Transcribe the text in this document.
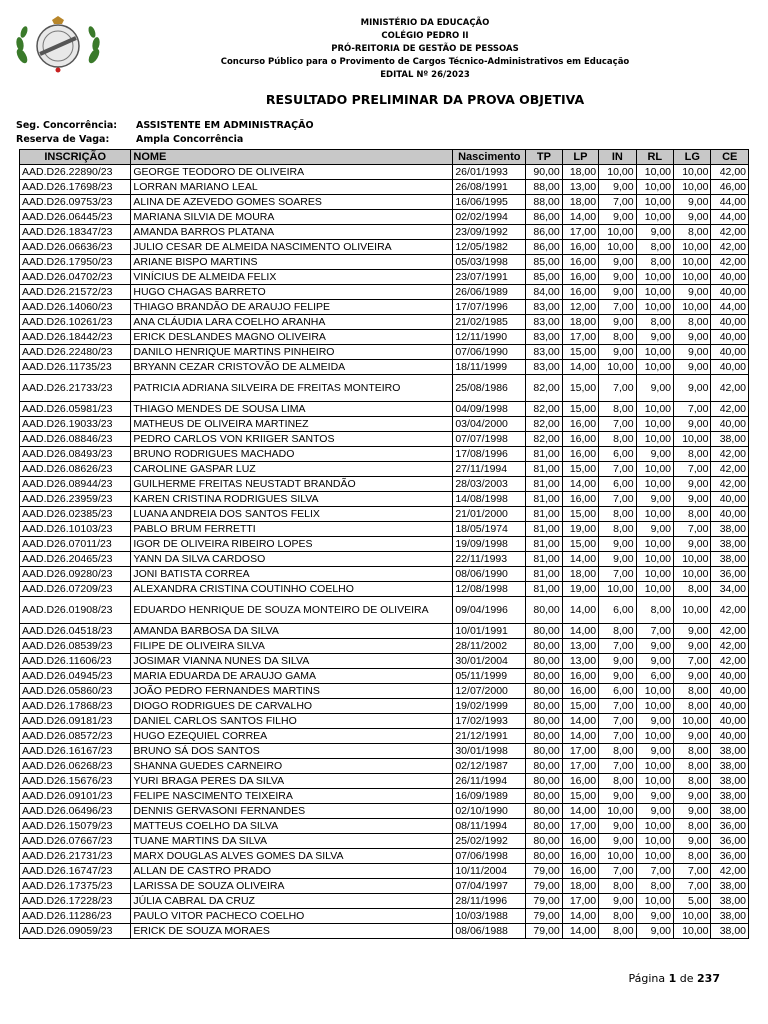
MINISTÉRIO DA EDUCAÇÃO
COLÉGIO PEDRO II
PRÓ-REITORIA DE GESTÃO DE PESSOAS
Concurso Público para o Provimento de Cargos Técnico-Administrativos em Educação
EDITAL Nº 26/2023
RESULTADO PRELIMINAR DA PROVA OBJETIVA
Seg. Concorrência:	ASSISTENTE EM ADMINISTRAÇÃO
Reserva de Vaga:	Ampla Concorrência
INSCRIÇÃO	NOME	Nascimento	TP	LP	IN	RL	LG	CE
AAD.D26.22890/23	GEORGE TEODORO DE OLIVEIRA	26/01/1993	90,00	18,00	10,00	10,00	10,00	42,00
AAD.D26.17698/23	LORRAN MARIANO LEAL	26/08/1991	88,00	13,00	9,00	10,00	10,00	46,00
AAD.D26.09753/23	ALINA DE AZEVEDO GOMES SOARES	16/06/1995	88,00	18,00	7,00	10,00	9,00	44,00
AAD.D26.06445/23	MARIANA SILVIA DE MOURA	02/02/1994	86,00	14,00	9,00	10,00	9,00	44,00
AAD.D26.18347/23	AMANDA BARROS PLATANA	23/09/1992	86,00	17,00	10,00	9,00	8,00	42,00
AAD.D26.06636/23	JULIO CESAR DE ALMEIDA NASCIMENTO OLIVEIRA	12/05/1982	86,00	16,00	10,00	8,00	10,00	42,00
AAD.D26.17950/23	ARIANE BISPO MARTINS	05/03/1998	85,00	16,00	9,00	8,00	10,00	42,00
AAD.D26.04702/23	VINÍCIUS DE ALMEIDA FELIX	23/07/1991	85,00	16,00	9,00	10,00	10,00	40,00
AAD.D26.21572/23	HUGO CHAGAS BARRETO	26/06/1989	84,00	16,00	9,00	10,00	9,00	40,00
AAD.D26.14060/23	THIAGO BRANDÃO DE ARAUJO FELIPE	17/07/1996	83,00	12,00	7,00	10,00	10,00	44,00
AAD.D26.10261/23	ANA CLÁUDIA LARA COELHO ARANHA	21/02/1985	83,00	18,00	9,00	8,00	8,00	40,00
AAD.D26.18442/23	ERICK DESLANDES MAGNO OLIVEIRA	12/11/1990	83,00	17,00	8,00	9,00	9,00	40,00
AAD.D26.22480/23	DANILO HENRIQUE MARTINS PINHEIRO	07/06/1990	83,00	15,00	9,00	10,00	9,00	40,00
AAD.D26.11735/23	BRYANN CEZAR CRISTOVÃO DE ALMEIDA	18/11/1999	83,00	14,00	10,00	10,00	9,00	40,00
AAD.D26.21733/23	PATRICIA ADRIANA SILVEIRA DE FREITAS MONTEIRO	25/08/1986	82,00	15,00	7,00	9,00	9,00	42,00
AAD.D26.05981/23	THIAGO MENDES DE SOUSA LIMA	04/09/1998	82,00	15,00	8,00	10,00	7,00	42,00
AAD.D26.19033/23	MATHEUS DE OLIVEIRA MARTINEZ	03/04/2000	82,00	16,00	7,00	10,00	9,00	40,00
AAD.D26.08846/23	PEDRO CARLOS VON KRIIGER SANTOS	07/07/1998	82,00	16,00	8,00	10,00	10,00	38,00
AAD.D26.08493/23	BRUNO RODRIGUES MACHADO	17/08/1996	81,00	16,00	6,00	9,00	8,00	42,00
AAD.D26.08626/23	CAROLINE GASPAR LUZ	27/11/1994	81,00	15,00	7,00	10,00	7,00	42,00
AAD.D26.08944/23	GUILHERME FREITAS NEUSTADT BRANDÃO	28/03/2003	81,00	14,00	6,00	10,00	9,00	42,00
AAD.D26.23959/23	KAREN CRISTINA RODRIGUES SILVA	14/08/1998	81,00	16,00	7,00	9,00	9,00	40,00
AAD.D26.02385/23	LUANA ANDREIA DOS SANTOS FELIX	21/01/2000	81,00	15,00	8,00	10,00	8,00	40,00
AAD.D26.10103/23	PABLO BRUM FERRETTI	18/05/1974	81,00	19,00	8,00	9,00	7,00	38,00
AAD.D26.07011/23	IGOR DE OLIVEIRA RIBEIRO LOPES	19/09/1998	81,00	15,00	9,00	10,00	9,00	38,00
AAD.D26.20465/23	YANN DA SILVA CARDOSO	22/11/1993	81,00	14,00	9,00	10,00	10,00	38,00
AAD.D26.09280/23	JONI BATISTA CORREA	08/06/1990	81,00	18,00	7,00	10,00	10,00	36,00
AAD.D26.07209/23	ALEXANDRA CRISTINA COUTINHO COELHO	12/08/1998	81,00	19,00	10,00	10,00	8,00	34,00
AAD.D26.01908/23	EDUARDO HENRIQUE DE SOUZA MONTEIRO DE OLIVEIRA	09/04/1996	80,00	14,00	6,00	8,00	10,00	42,00
AAD.D26.04518/23	AMANDA BARBOSA DA SILVA	10/01/1991	80,00	14,00	8,00	7,00	9,00	42,00
AAD.D26.08539/23	FILIPE DE OLIVEIRA SILVA	28/11/2002	80,00	13,00	7,00	9,00	9,00	42,00
AAD.D26.11606/23	JOSIMAR VIANNA NUNES DA SILVA	30/01/2004	80,00	13,00	9,00	9,00	7,00	42,00
AAD.D26.04945/23	MARIA EDUARDA DE ARAUJO GAMA	05/11/1999	80,00	16,00	9,00	6,00	9,00	40,00
AAD.D26.05860/23	JOÃO PEDRO FERNANDES MARTINS	12/07/2000	80,00	16,00	6,00	10,00	8,00	40,00
AAD.D26.17868/23	DIOGO RODRIGUES DE CARVALHO	19/02/1999	80,00	15,00	7,00	10,00	8,00	40,00
AAD.D26.09181/23	DANIEL CARLOS SANTOS FILHO	17/02/1993	80,00	14,00	7,00	9,00	10,00	40,00
AAD.D26.08572/23	HUGO EZEQUIEL CORREA	21/12/1991	80,00	14,00	7,00	10,00	9,00	40,00
AAD.D26.16167/23	BRUNO SÁ DOS SANTOS	30/01/1998	80,00	17,00	8,00	9,00	8,00	38,00
AAD.D26.06268/23	SHANNA GUEDES CARNEIRO	02/12/1987	80,00	17,00	7,00	10,00	8,00	38,00
AAD.D26.15676/23	YURI BRAGA PERES DA SILVA	26/11/1994	80,00	16,00	8,00	10,00	8,00	38,00
AAD.D26.09101/23	FELIPE NASCIMENTO TEIXEIRA	16/09/1989	80,00	15,00	9,00	9,00	9,00	38,00
AAD.D26.06496/23	DENNIS GERVASONI FERNANDES	02/10/1990	80,00	14,00	10,00	9,00	9,00	38,00
AAD.D26.15079/23	MATTEUS COELHO DA SILVA	08/11/1994	80,00	17,00	9,00	10,00	8,00	36,00
AAD.D26.07667/23	TUANE MARTINS DA SILVA	25/02/1992	80,00	16,00	9,00	10,00	9,00	36,00
AAD.D26.21731/23	MARX DOUGLAS ALVES GOMES DA SILVA	07/06/1998	80,00	16,00	10,00	10,00	8,00	36,00
AAD.D26.16747/23	ALLAN DE CASTRO PRADO	10/11/2004	79,00	16,00	7,00	7,00	7,00	42,00
AAD.D26.17375/23	LARISSA DE SOUZA OLIVEIRA	07/04/1997	79,00	18,00	8,00	8,00	7,00	38,00
AAD.D26.17228/23	JÚLIA CABRAL DA CRUZ	28/11/1996	79,00	17,00	9,00	10,00	5,00	38,00
AAD.D26.11286/23	PAULO VITOR PACHECO COELHO	10/03/1988	79,00	14,00	8,00	9,00	10,00	38,00
AAD.D26.09059/23	ERICK DE SOUZA MORAES	08/06/1988	79,00	14,00	8,00	9,00	10,00	38,00
Página 1 de 237
